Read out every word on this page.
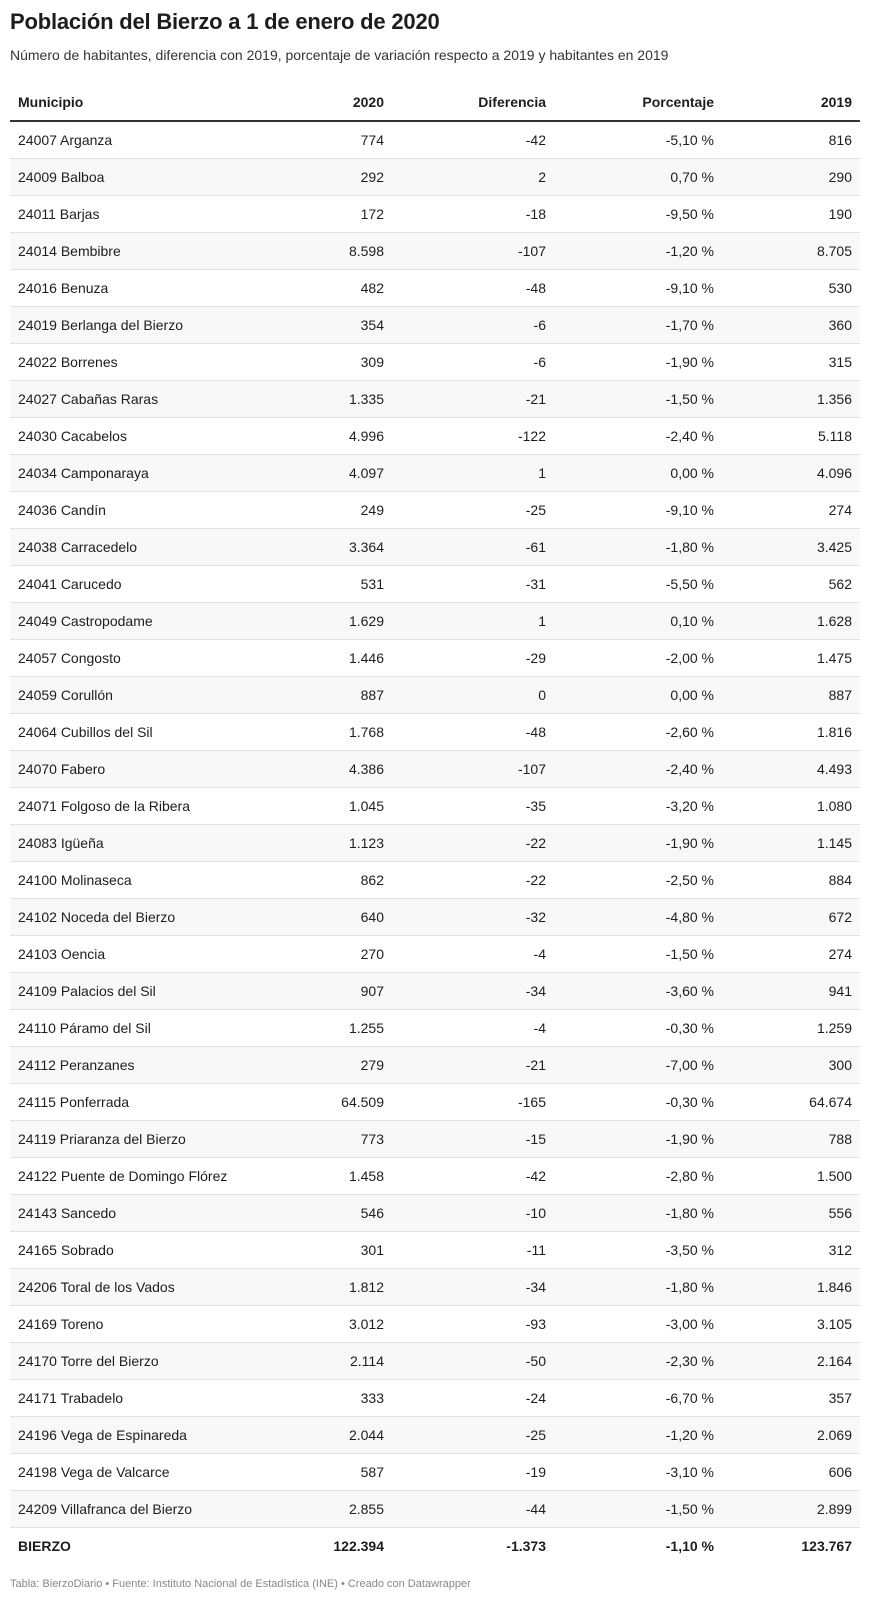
Población del Bierzo a 1 de enero de 2020
Número de habitantes, diferencia con 2019, porcentaje de variación respecto a 2019 y habitantes en 2019
Municipio	2020	Diferencia	Porcentaje	2019
24007 Arganza	774	-42	-5,10 %	816
24009 Balboa	292	2	0,70 %	290
24011 Barjas	172	-18	-9,50 %	190
24014 Bembibre	8.598	-107	-1,20 %	8.705
24016 Benuza	482	-48	-9,10 %	530
24019 Berlanga del Bierzo	354	-6	-1,70 %	360
24022 Borrenes	309	-6	-1,90 %	315
24027 Cabañas Raras	1.335	-21	-1,50 %	1.356
24030 Cacabelos	4.996	-122	-2,40 %	5.118
24034 Camponaraya	4.097	1	0,00 %	4.096
24036 Candín	249	-25	-9,10 %	274
24038 Carracedelo	3.364	-61	-1,80 %	3.425
24041 Carucedo	531	-31	-5,50 %	562
24049 Castropodame	1.629	1	0,10 %	1.628
24057 Congosto	1.446	-29	-2,00 %	1.475
24059 Corullón	887	0	0,00 %	887
24064 Cubillos del Sil	1.768	-48	-2,60 %	1.816
24070 Fabero	4.386	-107	-2,40 %	4.493
24071 Folgoso de la Ribera	1.045	-35	-3,20 %	1.080
24083 Igüeña	1.123	-22	-1,90 %	1.145
24100 Molinaseca	862	-22	-2,50 %	884
24102 Noceda del Bierzo	640	-32	-4,80 %	672
24103 Oencia	270	-4	-1,50 %	274
24109 Palacios del Sil	907	-34	-3,60 %	941
24110 Páramo del Sil	1.255	-4	-0,30 %	1.259
24112 Peranzanes	279	-21	-7,00 %	300
24115 Ponferrada	64.509	-165	-0,30 %	64.674
24119 Priaranza del Bierzo	773	-15	-1,90 %	788
24122 Puente de Domingo Flórez	1.458	-42	-2,80 %	1.500
24143 Sancedo	546	-10	-1,80 %	556
24165 Sobrado	301	-11	-3,50 %	312
24206 Toral de los Vados	1.812	-34	-1,80 %	1.846
24169 Toreno	3.012	-93	-3,00 %	3.105
24170 Torre del Bierzo	2.114	-50	-2,30 %	2.164
24171 Trabadelo	333	-24	-6,70 %	357
24196 Vega de Espinareda	2.044	-25	-1,20 %	2.069
24198 Vega de Valcarce	587	-19	-3,10 %	606
24209 Villafranca del Bierzo	2.855	-44	-1,50 %	2.899
BIERZO	122.394	-1.373	-1,10 %	123.767
Tabla: BierzoDiario • Fuente: Instituto Nacional de Estadística (INE) • Creado con Datawrapper
